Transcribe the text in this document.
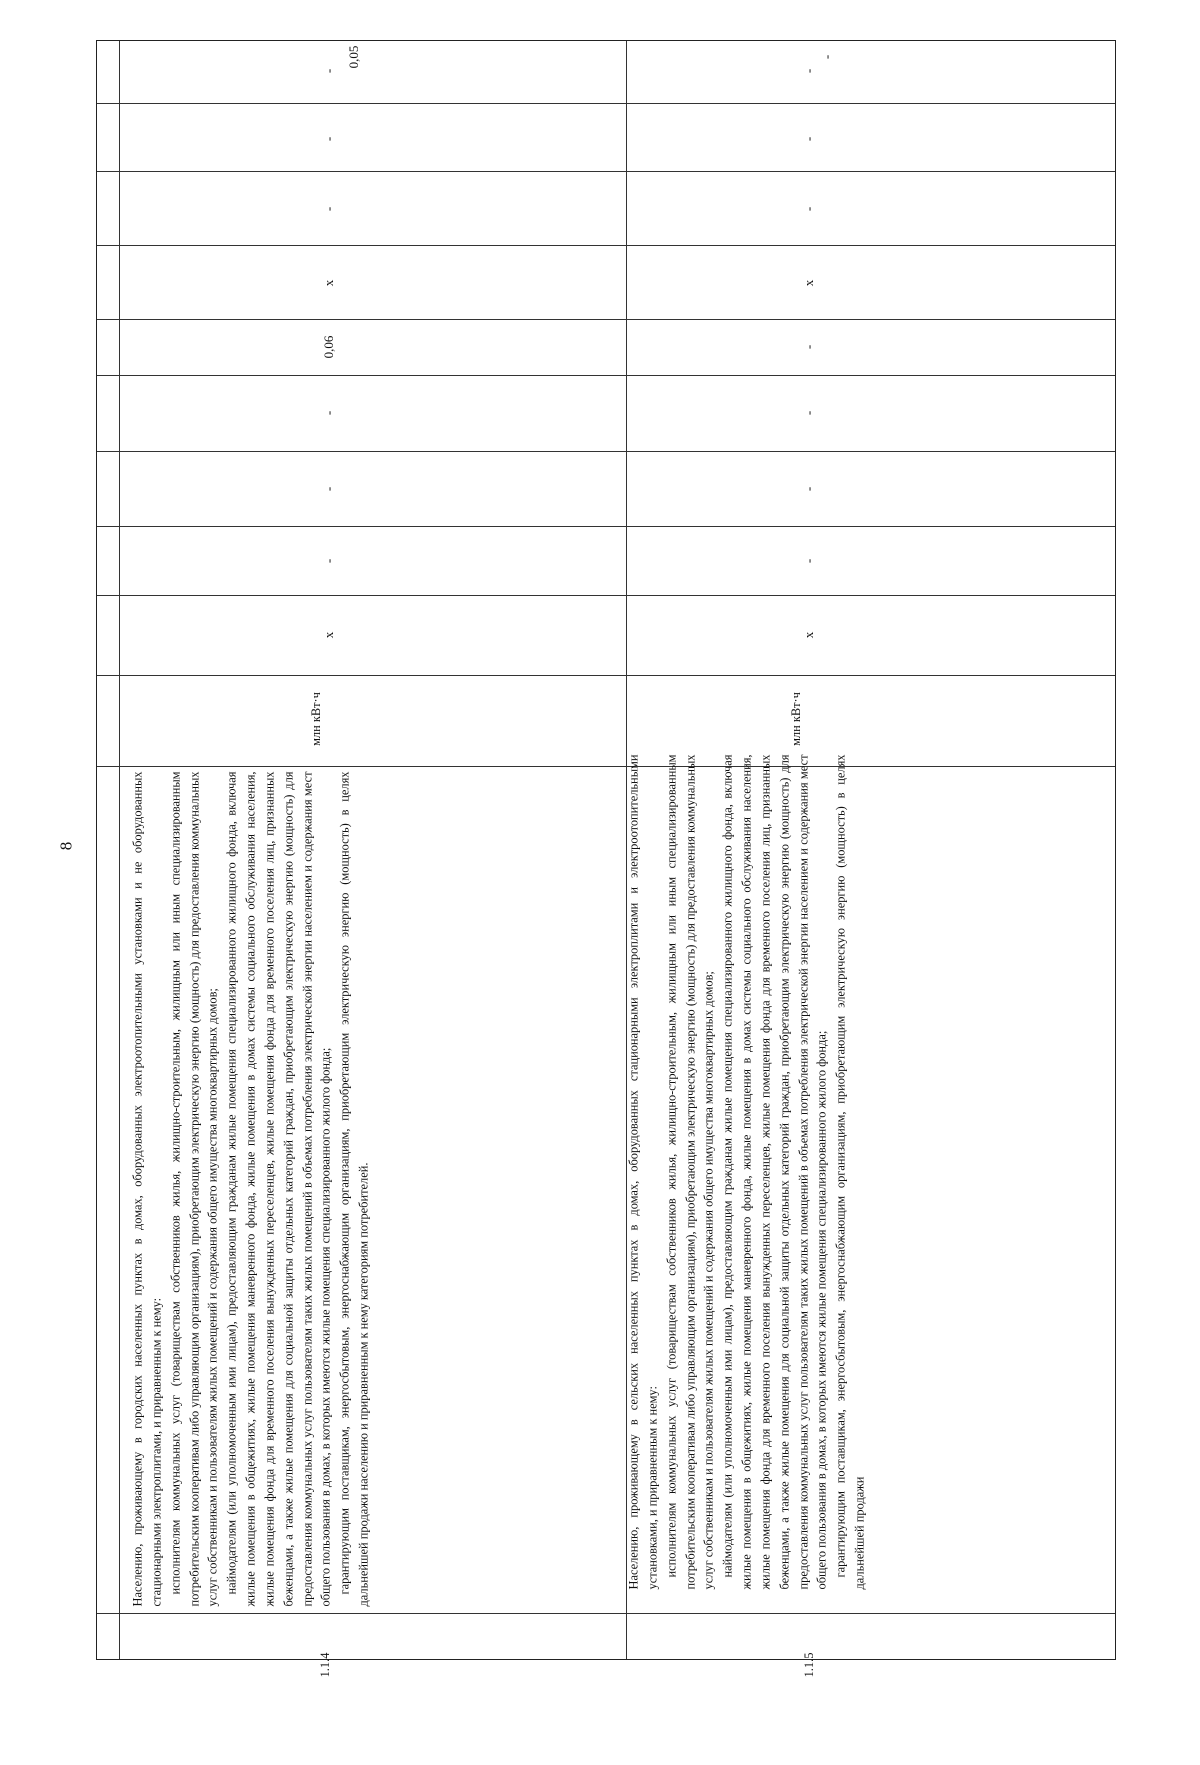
8
1.1.4

Населению, проживающему в городских населенных пунктах в домах, оборудованных электроотопительными установками и не оборудованных стационарными электроплитами, и приравненным к нему: исполнителям коммунальных услуг (товариществам собственников жилья, жилищно-строительным, жилищным или иным специализированным потребительским кооперативам либо управляющим организациям), приобретающим электрическую энергию (мощность) для предоставления коммунальных услуг собственникам и пользователям жилых помещений и содержания общего имущества многоквартирных домов; наймодателям (или уполномоченным ими лицам), предоставляющим гражданам жилые помещения специализированного жилищного фонда, включая жилые помещения в общежитиях, жилые помещения маневренного фонда, жилые помещения в домах системы социального обслуживания населения, жилые помещения фонда для временного поселения вынужденных переселенцев, жилые помещения фонда для временного поселения лиц, признанных беженцами, а также жилые помещения для социальной защиты отдельных категорий граждан, приобретающим электрическую энергию (мощность) для предоставления коммунальных услуг пользователям таких жилых помещений в объемах потребления электрической энергии населением и содержания мест общего пользования в домах, в которых имеются жилые помещения специализированного жилого фонда; гарантирующим поставщикам, энергосбытовым, энергоснабжающим организациям, приобретающим электрическую энергию (мощность) в целях дальнейшей продажи населению и приравненным к нему категориям потребителей.

млн кВт·ч
x
-
-
-
0,06
x
-
-
-
0,05
1.1.5

Населению, проживающему в сельских населенных пунктах в домах, оборудованных стационарными электроплитами и электроотопительными установками, и приравненным к нему: исполнителям коммунальных услуг (товариществам собственников жилья, жилищно-строительным, жилищным или иным специализированным потребительским кооперативам либо управляющим организациям), приобретающим электрическую энергию (мощность) для предоставления коммунальных услуг собственникам и пользователям жилых помещений и содержания общего имущества многоквартирных домов; наймодателям (или уполномоченным ими лицам), предоставляющим гражданам жилые помещения специализированного жилищного фонда, включая жилые помещения в общежитиях, жилые помещения маневренного фонда, жилые помещения в домах системы социального обслуживания населения, жилые помещения фонда для временного поселения вынужденных переселенцев, жилые помещения фонда для временного поселения лиц, признанных беженцами, а также жилые помещения для социальной защиты отдельных категорий граждан, приобретающим электрическую энергию (мощность) для предоставления коммунальных услуг пользователям таких жилых помещений в объемах потребления электрической энергии населением и содержания мест общего пользования в домах, в которых имеются жилые помещения специализированного жилого фонда; гарантирующим поставщикам, энергосбытовым, энергоснабжающим организациям, приобретающим электрическую энергию (мощность) в целях дальнейшей продажи

млн кВт·ч
x
-
-
-
-
x
-
-
-
-
